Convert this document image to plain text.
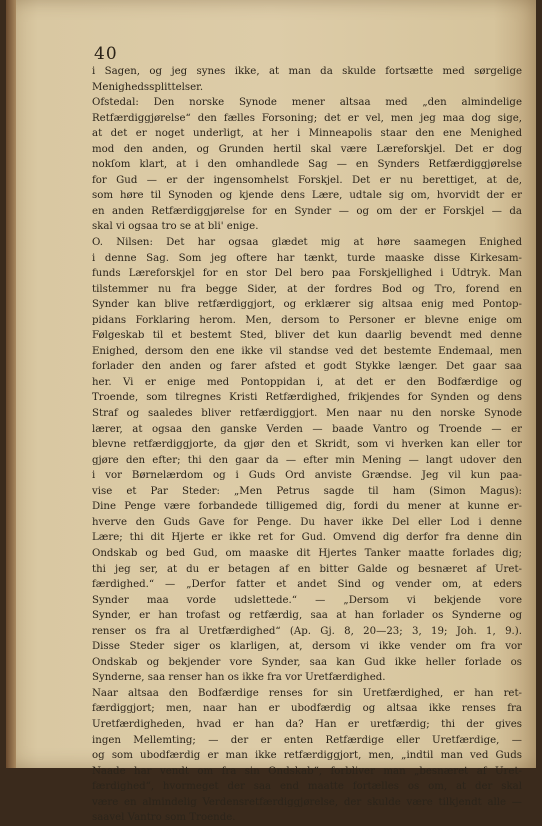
40
i Sagen, og jeg synes ikke, at man da skulde fortsætte med sørgelige
Menighedssplittelser.
Ofstedal: Den norske Synode mener altsaa med „den almindelige
Retfærdiggjørelse“ den fælles Forsoning; det er vel, men jeg maa dog sige,
at det er noget underligt, at her i Minneapolis staar den ene Menighed
mod den anden, og Grunden hertil skal være Læreforskjel. Det er dog
nokſom klart, at i den omhandlede Sag — en Synders Retfærdiggjørelse
for Gud — er der ingensomhelst Forskjel. Det er nu berettiget, at de,
som høre til Synoden og kjende dens Lære, udtale sig om, hvorvidt der er
en anden Retfærdiggjørelse for en Synder — og om der er Forskjel — da
skal vi ogsaa tro se at bli' enige.
O. Nilsen: Det har ogsaa glædet mig at høre saamegen Enighed
i denne Sag. Som jeg oftere har tænkt, turde maaske disse Kirkesam-
funds Læreforskjel for en stor Del bero paa Forskjellighed i Udtryk. Man
tilstemmer nu fra begge Sider, at der fordres Bod og Tro, forend en
Synder kan blive retfærdiggjort, og erklærer sig altsaa enig med Pontop-
pidans Forklaring herom. Men, dersom to Personer er blevne enige om
Følgeskab til et bestemt Sted, bliver det kun daarlig bevendt med denne
Enighed, dersom den ene ikke vil standse ved det bestemte Endemaal, men
forlader den anden og farer afsted et godt Stykke længer. Det gaar saa
her. Vi er enige med Pontoppidan i, at det er den Bodfærdige og
Troende, som tilregnes Kristi Retfærdighed, frikjendes for Synden og dens
Straf og saaledes bliver retfærdiggjort. Men naar nu den norske Synode
lærer, at ogsaa den ganske Verden — baade Vantro og Troende — er
blevne retfærdiggjorte, da gjør den et Skridt, som vi hverken kan eller tor
gjøre den efter; thi den gaar da — efter min Mening — langt udover den
i vor Børnelærdom og i Guds Ord anviste Grændse. Jeg vil kun paa-
vise et Par Steder: „Men Petrus sagde til ham (Simon Magus):
Dine Penge være forbandede tilligemed dig, fordi du mener at kunne er-
hverve den Guds Gave for Penge. Du haver ikke Del eller Lod i denne
Lære; thi dit Hjerte er ikke ret for Gud. Omvend dig derfor fra denne din
Ondskab og bed Gud, om maaske dit Hjertes Tanker maatte forlades dig;
thi jeg ser, at du er betagen af en bitter Galde og besnæret af Uret-
færdighed.“ — „Derfor fatter et andet Sind og vender om, at eders
Synder maa vorde udslettede.“ — „Dersom vi bekjende vore
Synder, er han trofast og retfærdig, saa at han forlader os Synderne og
renser os fra al Uretfærdighed“ (Ap. Gj. 8, 20—23; 3, 19; Joh. 1, 9.).
Disse Steder siger os klarligen, at, dersom vi ikke vender om fra vor
Ondskab og bekjender vore Synder, saa kan Gud ikke heller forlade os
Synderne, saa renser han os ikke fra vor Uretfærdighed.
Naar altsaa den Bodfærdige renses for sin Uretfærdighed, er han ret-
færdiggjort; men, naar han er ubodfærdig og altsaa ikke renses fra
Uretfærdigheden, hvad er han da? Han er uretfærdig; thi der gives
ingen Mellemting; — der er enten Retfærdige eller Uretfærdige, —
og som ubodfærdig er man ikke retfærdiggjort, men, „indtil man ved Guds
Naade har vendt om fra sin Ondskab“, forbliver man „besnæret af Uret-
færdighed“, hvormeget der saa end maatte fortælles os om, at der skal
være en almindelig Verdensretfærdiggjørelse, der skulde være tilkjendt alle —
saavel Vantro som Troende.
